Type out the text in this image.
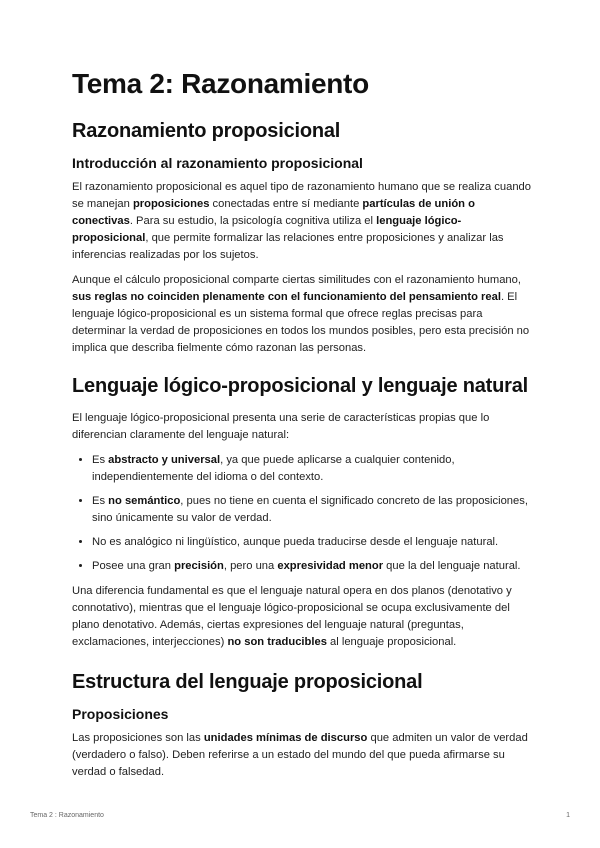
Tema 2: Razonamiento
Razonamiento proposicional
Introducción al razonamiento proposicional

El razonamiento proposicional es aquel tipo de razonamiento humano que se realiza cuando se manejan proposiciones conectadas entre sí mediante partículas de unión o conectivas. Para su estudio, la psicología cognitiva utiliza el lenguaje lógico-proposicional, que permite formalizar las relaciones entre proposiciones y analizar las inferencias realizadas por los sujetos.

Aunque el cálculo proposicional comparte ciertas similitudes con el razonamiento humano, sus reglas no coinciden plenamente con el funcionamiento del pensamiento real. El lenguaje lógico-proposicional es un sistema formal que ofrece reglas precisas para determinar la verdad de proposiciones en todos los mundos posibles, pero esta precisión no implica que describa fielmente cómo razonan las personas.

Lenguaje lógico-proposicional y lenguaje natural

El lenguaje lógico-proposicional presenta una serie de características propias que lo diferencian claramente del lenguaje natural:

• Es abstracto y universal, ya que puede aplicarse a cualquier contenido, independientemente del idioma o del contexto.
• Es no semántico, pues no tiene en cuenta el significado concreto de las proposiciones, sino únicamente su valor de verdad.
• No es analógico ni lingüístico, aunque pueda traducirse desde el lenguaje natural.
• Posee una gran precisión, pero una expresividad menor que la del lenguaje natural.

Una diferencia fundamental es que el lenguaje natural opera en dos planos (denotativo y connotativo), mientras que el lenguaje lógico-proposicional se ocupa exclusivamente del plano denotativo. Además, ciertas expresiones del lenguaje natural (preguntas, exclamaciones, interjecciones) no son traducibles al lenguaje proposicional.

Estructura del lenguaje proposicional
Proposiciones

Las proposiciones son las unidades mínimas de discurso que admiten un valor de verdad (verdadero o falso). Deben referirse a un estado del mundo del que pueda afirmarse su verdad o falsedad.

Tema 2 : Razonamiento	1
